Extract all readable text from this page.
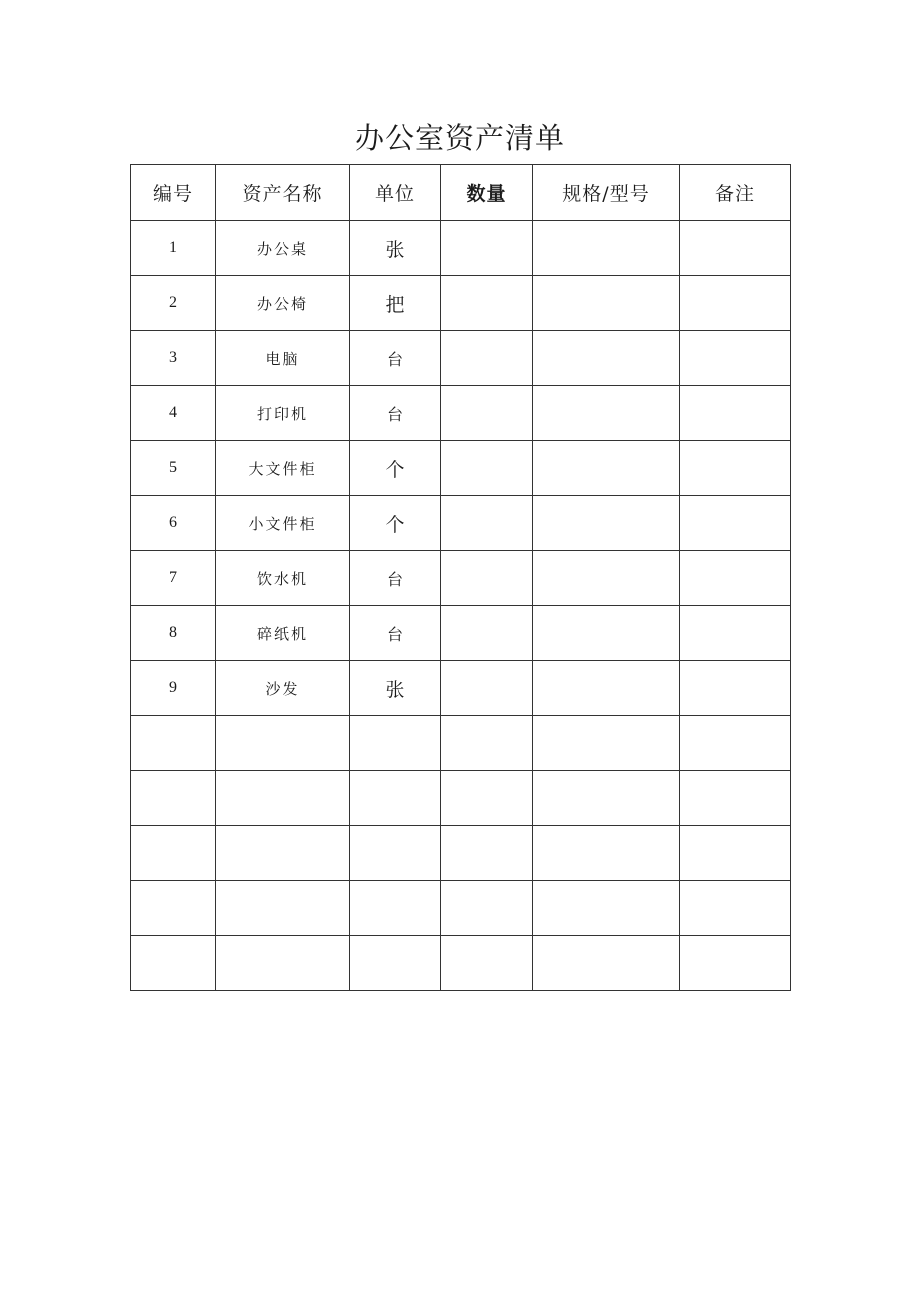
办公室资产清单
编号	资产名称	单位	数量	规格/型号	备注
1	办公桌	张			
2	办公椅	把			
3	电脑	台			
4	打印机	台			
5	大文件柜	个			
6	小文件柜	个			
7	饮水机	台			
8	碎纸机	台			
9	沙发	张			
